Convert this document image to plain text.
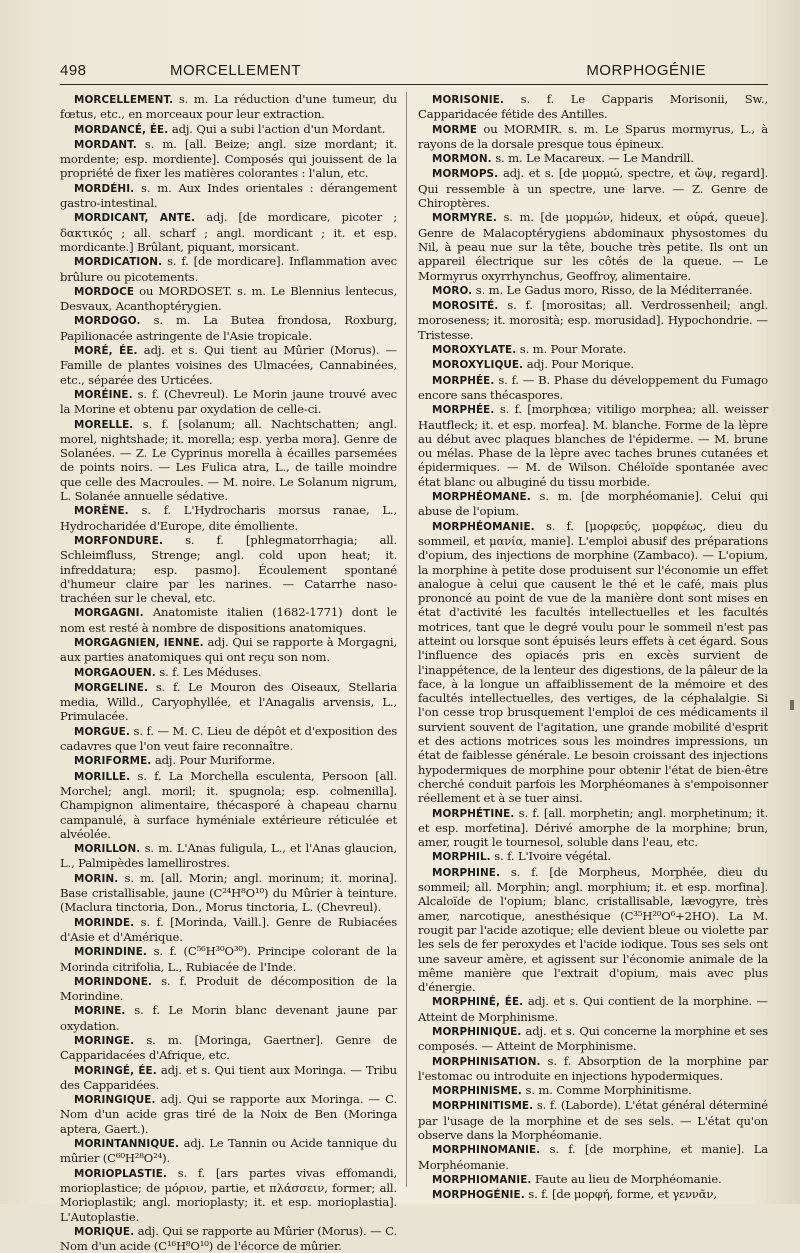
498	MORCELLEMENT	MORPHOGÉNIE

MORCELLEMENT. s. m. La réduction d'une tumeur, du fœtus, etc., en morceaux pour leur extraction.

MORDANCÉ, ÉE. adj. Qui a subi l'action d'un Mordant.

MORDANT. s. m. [all. Beize; angl. size mordant; it. mordente; esp. mordiente]. Composés qui jouissent de la propriété de fixer les matières colorantes : l'alun, etc.

MORDÉHI. s. m. Aux Indes orientales : dérangement gastro-intestinal.

MORDICANT, ANTE. adj. [de mordicare, picoter ; δακτικός ; all. scharf ; angl. mordicant ; it. et esp. mordicante.] Brûlant, piquant, morsicant.

MORDICATION. s. f. [de mordicare]. Inflammation avec brûlure ou picotements.

MORDOCE ou MORDOSET. s. m. Le Blennius lentecus, Desvaux, Acanthoptérygien.

MORDOGO. s. m. La Butea frondosa, Roxburg, Papilionacée astringente de l'Asie tropicale.

MORÉ, ÉE. adj. et s. Qui tient au Mûrier (Morus). — Famille de plantes voisines des Ulmacées, Cannabinées, etc., séparée des Urticées.

MORÉINE. s. f. (Chevreul). Le Morin jaune trouvé avec la Morine et obtenu par oxydation de celle-ci.

MORELLE. s. f. [solanum; all. Nachtschatten; angl. morel, nightshade; it. morella; esp. yerba mora]. Genre de Solanées. — Z. Le Cyprinus morella à écailles parsemées de points noirs. — Les Fulica atra, L., de taille moindre que celle des Macroules. — M. noire. Le Solanum nigrum, L. Solanée annuelle sédative.

MORÈNE. s. f. L'Hydrocharis morsus ranae, L., Hydrocharidée d'Europe, dite émolliente.

MORFONDURE. s. f. [phlegmatorrhagia; all. Schleimfluss, Strenge; angl. cold upon heat; it. infreddatura; esp. pasmo]. Écoulement spontané d'humeur claire par les narines. — Catarrhe naso-trachéen sur le cheval, etc.

MORGAGNI. Anatomiste italien (1682-1771) dont le nom est resté à nombre de dispositions anatomiques.

MORGAGNIEN, IENNE. adj. Qui se rapporte à Morgagni, aux parties anatomiques qui ont reçu son nom.

MORGAOUEN. s. f. Les Méduses.

MORGELINE. s. f. Le Mouron des Oiseaux, Stellaria media, Willd., Caryophyllée, et l'Anagalis arvensis, L., Primulacée.

MORGUE. s. f. — M. C. Lieu de dépôt et d'exposition des cadavres que l'on veut faire reconnaître.

MORIFORME. adj. Pour Muriforme.

MORILLE. s. f. La Morchella esculenta, Persoon [all. Morchel; angl. moril; it. spugnola; esp. colmenilla]. Champignon alimentaire, thécasporé à chapeau charnu campanulé, à surface hyméniale extérieure réticulée et alvéolée.

MORILLON. s. m. L'Anas fuligula, L., et l'Anas glaucion, L., Palmipèdes lamellirostres.

MORIN. s. m. [all. Morin; angl. morinum; it. morina]. Base cristallisable, jaune (C²⁴H⁸O¹⁰) du Mûrier à teinture. (Maclura tinctoria, Don., Morus tinctoria, L. (Chevreul).

MORINDE. s. f. [Morinda, Vaill.]. Genre de Rubiacées d'Asie et d'Amérique.

MORINDINE. s. f. (C⁵⁶H³⁰O³⁰). Principe colorant de la Morinda citrifolia, L., Rubiacée de l'Inde.

MORINDONE. s. f. Produit de décomposition de la Morindine.

MORINE. s. f. Le Morin blanc devenant jaune par oxydation.

MORINGE. s. m. [Moringa, Gaertner]. Genre de Capparidacées d'Afrique, etc.

MORINGÉ, ÉE. adj. et s. Qui tient aux Moringa. — Tribu des Capparidées.

MORINGIQUE. adj. Qui se rapporte aux Moringa. — C. Nom d'un acide gras tiré de la Noix de Ben (Moringa aptera, Gaert.).

MORINTANNIQUE. adj. Le Tannin ou Acide tannique du mûrier (C⁶⁰H²⁸O²⁴).

MORIOPLASTIE. s. f. [ars partes vivas effomandi, morioplastice; de μόριον, partie, et πλάσσειν, former; all. Morioplastik; angl. morioplasty; it. et esp. morioplastia]. L'Autoplastie.

MORIQUE. adj. Qui se rapporte au Mûrier (Morus). — C. Nom d'un acide (C¹⁶H⁸O¹⁰) de l'écorce de mûrier.

MORISONIE. s. f. Le Capparis Morisonii, Sw., Capparidacée fétide des Antilles.

MORME ou MORMIR. s. m. Le Sparus mormyrus, L., à rayons de la dorsale presque tous épineux.

MORMON. s. m. Le Macareux. — Le Mandrill.

MORMOPS. adj. et s. [de μορμώ, spectre, et ὤψ, regard]. Qui ressemble à un spectre, une larve. — Z. Genre de Chiroptères.

MORMYRE. s. m. [de μορμών, hideux, et οὐρά, queue]. Genre de Malacoptérygiens abdominaux physostomes du Nil, à peau nue sur la tête, bouche très petite. Ils ont un appareil électrique sur les côtés de la queue. — Le Mormyrus oxyrrhynchus, Geoffroy, alimentaire.

MORO. s. m. Le Gadus moro, Risso, de la Méditerranée.

MOROSITÉ. s. f. [morositas; all. Verdrossenheil; angl. moroseness; it. morosità; esp. morusidad]. Hypochondrie. — Tristesse.

MOROXYLATE. s. m. Pour Morate.

MOROXYLIQUE. adj. Pour Morique.

MORPHÉE. s. f. — B. Phase du développement du Fumago encore sans thécaspores.

MORPHÉE. s. f. [morphœa; vitiligo morphea; all. weisser Hautfleck; it. et esp. morfea]. M. blanche. Forme de la lèpre au début avec plaques blanches de l'épiderme. — M. brune ou mélas. Phase de la lèpre avec taches brunes cutanées et épidermiques. — M. de Wilson. Chéloïde spontanée avec état blanc ou albuginé du tissu morbide.

MORPHÉOMANE. s. m. [de morphéomanie]. Celui qui abuse de l'opium.

MORPHÉOMANIE. s. f. [μορφεύς, μορφέως, dieu du sommeil, et μανία, manie]. L'emploi abusif des préparations d'opium, des injections de morphine (Zambaco). — L'opium, la morphine à petite dose produisent sur l'économie un effet analogue à celui que causent le thé et le café, mais plus prononcé au point de vue de la manière dont sont mises en état d'activité les facultés intellectuelles et les facultés motrices, tant que le degré voulu pour le sommeil n'est pas atteint ou lorsque sont épuisés leurs effets à cet égard. Sous l'influence des opiacés pris en excès survient de l'inappétence, de la lenteur des digestions, de la pâleur de la face, à la longue un affaiblissement de la mémoire et des facultés intellectuelles, des vertiges, de la céphalalgie. Si l'on cesse trop brusquement l'emploi de ces médicaments il survient souvent de l'agitation, une grande mobilité d'esprit et des actions motrices sous les moindres impressions, un état de faiblesse générale. Le besoin croissant des injections hypodermiques de morphine pour obtenir l'état de bien-être cherché conduit parfois les Morphéomanes à s'empoisonner réellement et à se tuer ainsi.

MORPHÉTINE. s. f. [all. morphetin; angl. morphetinum; it. et esp. morfetina]. Dérivé amorphe de la morphine; brun, amer, rougit le tournesol, soluble dans l'eau, etc.

MORPHIL. s. f. L'Ivoire végétal.

MORPHINE. s. f. [de Morpheus, Morphée, dieu du sommeil; all. Morphin; angl. morphium; it. et esp. morfina]. Alcaloïde de l'opium; blanc, cristallisable, lævogyre, très amer, narcotique, anesthésique (C³⁵H²⁰O⁶+2HO). La M. rougit par l'acide azotique; elle devient bleue ou violette par les sels de fer peroxydes et l'acide iodique. Tous ses sels ont une saveur amère, et agissent sur l'économie animale de la même manière que l'extrait d'opium, mais avec plus d'énergie.

MORPHINÉ, ÉE. adj. et s. Qui contient de la morphine. — Atteint de Morphinisme.

MORPHINIQUE. adj. et s. Qui concerne la morphine et ses composés. — Atteint de Morphinisme.

MORPHINISATION. s. f. Absorption de la morphine par l'estomac ou introduite en injections hypodermiques.

MORPHINISME. s. m. Comme Morphinitisme.

MORPHINITISME. s. f. (Laborde). L'état général déterminé par l'usage de la morphine et de ses sels. — L'état qu'on observe dans la Morphéomanie.

MORPHINOMANIE. s. f. [de morphine, et manie]. La Morphéomanie.

MORPHIOMANIE. Faute au lieu de Morphéomanie.

MORPHOGÉNIE. s. f. [de μορφή, forme, et γεννᾶν,
